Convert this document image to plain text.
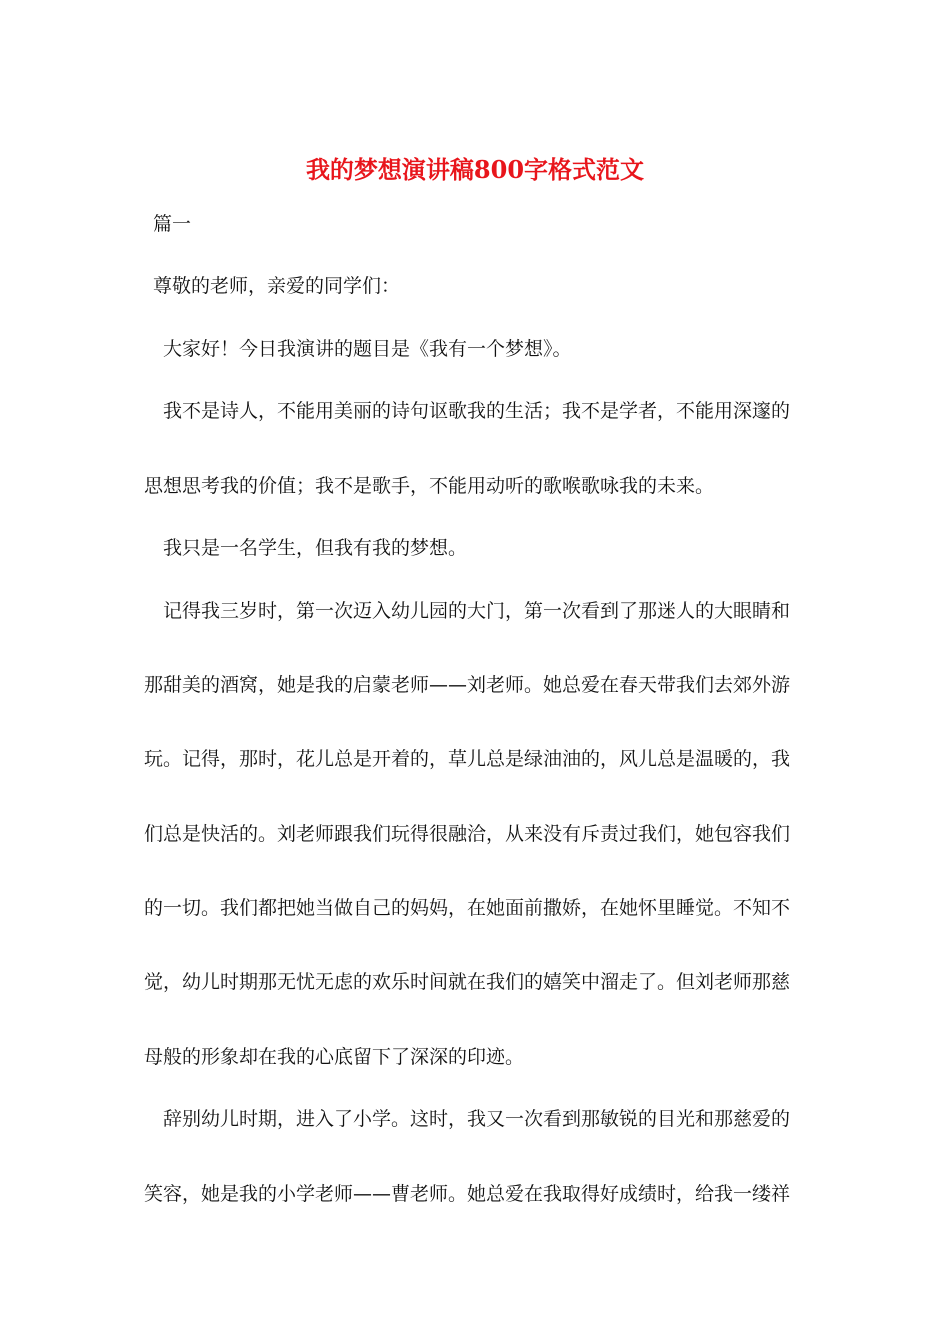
我的梦想演讲稿800字格式范文
篇一
尊敬的老师，亲爱的同学们：
大家好！今日我演讲的题目是《我有一个梦想》。
我不是诗人，不能用美丽的诗句讴歌我的生活；我不是学者，不能用深邃的
思想思考我的价值；我不是歌手，不能用动听的歌喉歌咏我的未来。
我只是一名学生，但我有我的梦想。
记得我三岁时，第一次迈入幼儿园的大门，第一次看到了那迷人的大眼睛和
那甜美的酒窝，她是我的启蒙老师——刘老师。她总爱在春天带我们去郊外游
玩。记得，那时，花儿总是开着的，草儿总是绿油油的，风儿总是温暖的，我
们总是快活的。刘老师跟我们玩得很融洽，从来没有斥责过我们，她包容我们
的一切。我们都把她当做自己的妈妈，在她面前撒娇，在她怀里睡觉。不知不
觉，幼儿时期那无忧无虑的欢乐时间就在我们的嬉笑中溜走了。但刘老师那慈
母般的形象却在我的心底留下了深深的印迹。
辞别幼儿时期，进入了小学。这时，我又一次看到那敏锐的目光和那慈爱的
笑容，她是我的小学老师——曹老师。她总爱在我取得好成绩时，给我一缕祥
